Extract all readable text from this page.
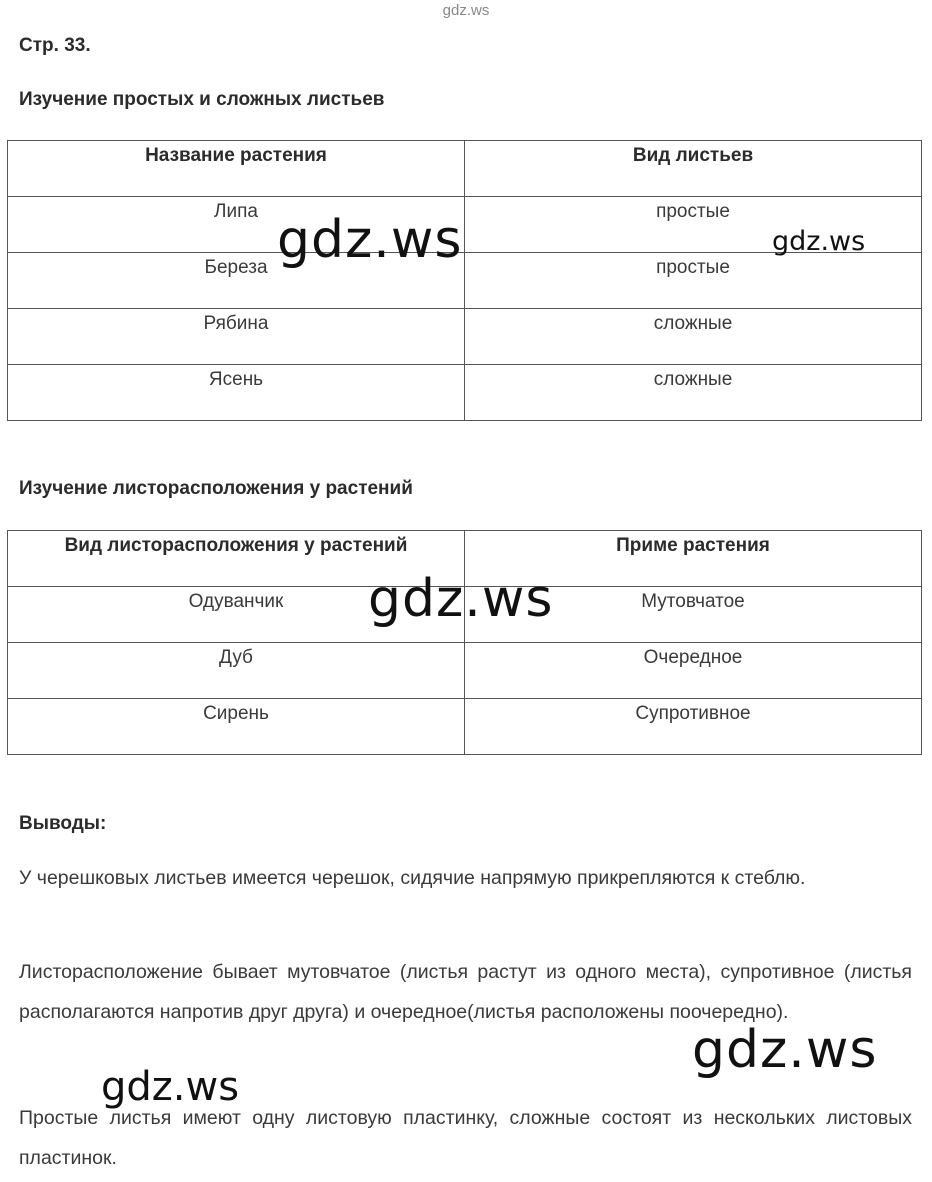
gdz.ws
Стр. 33.
Изучение простых и сложных листьев
Название растения	Вид листьев
Липа	простые
Береза	простые
Рябина	сложные
Ясень	сложные
Изучение листорасположения у растений
Вид листорасположения у растений	Приме растения
Одуванчик	Мутовчатое
Дуб	Очередное
Сирень	Супротивное
Выводы:
У черешковых листьев имеется черешок, сидячие напрямую прикрепляются к стеблю.
Листорасположение бывает мутовчатое (листья растут из одного места), супротивное (листья располагаются напротив друг друга) и очередное(листья расположены поочередно).
Простые листья имеют одну листовую пластинку, сложные состоят из нескольких листовых пластинок.
gdz.ws	gdz.ws
gdz.ws
gdz.ws
gdz.ws
